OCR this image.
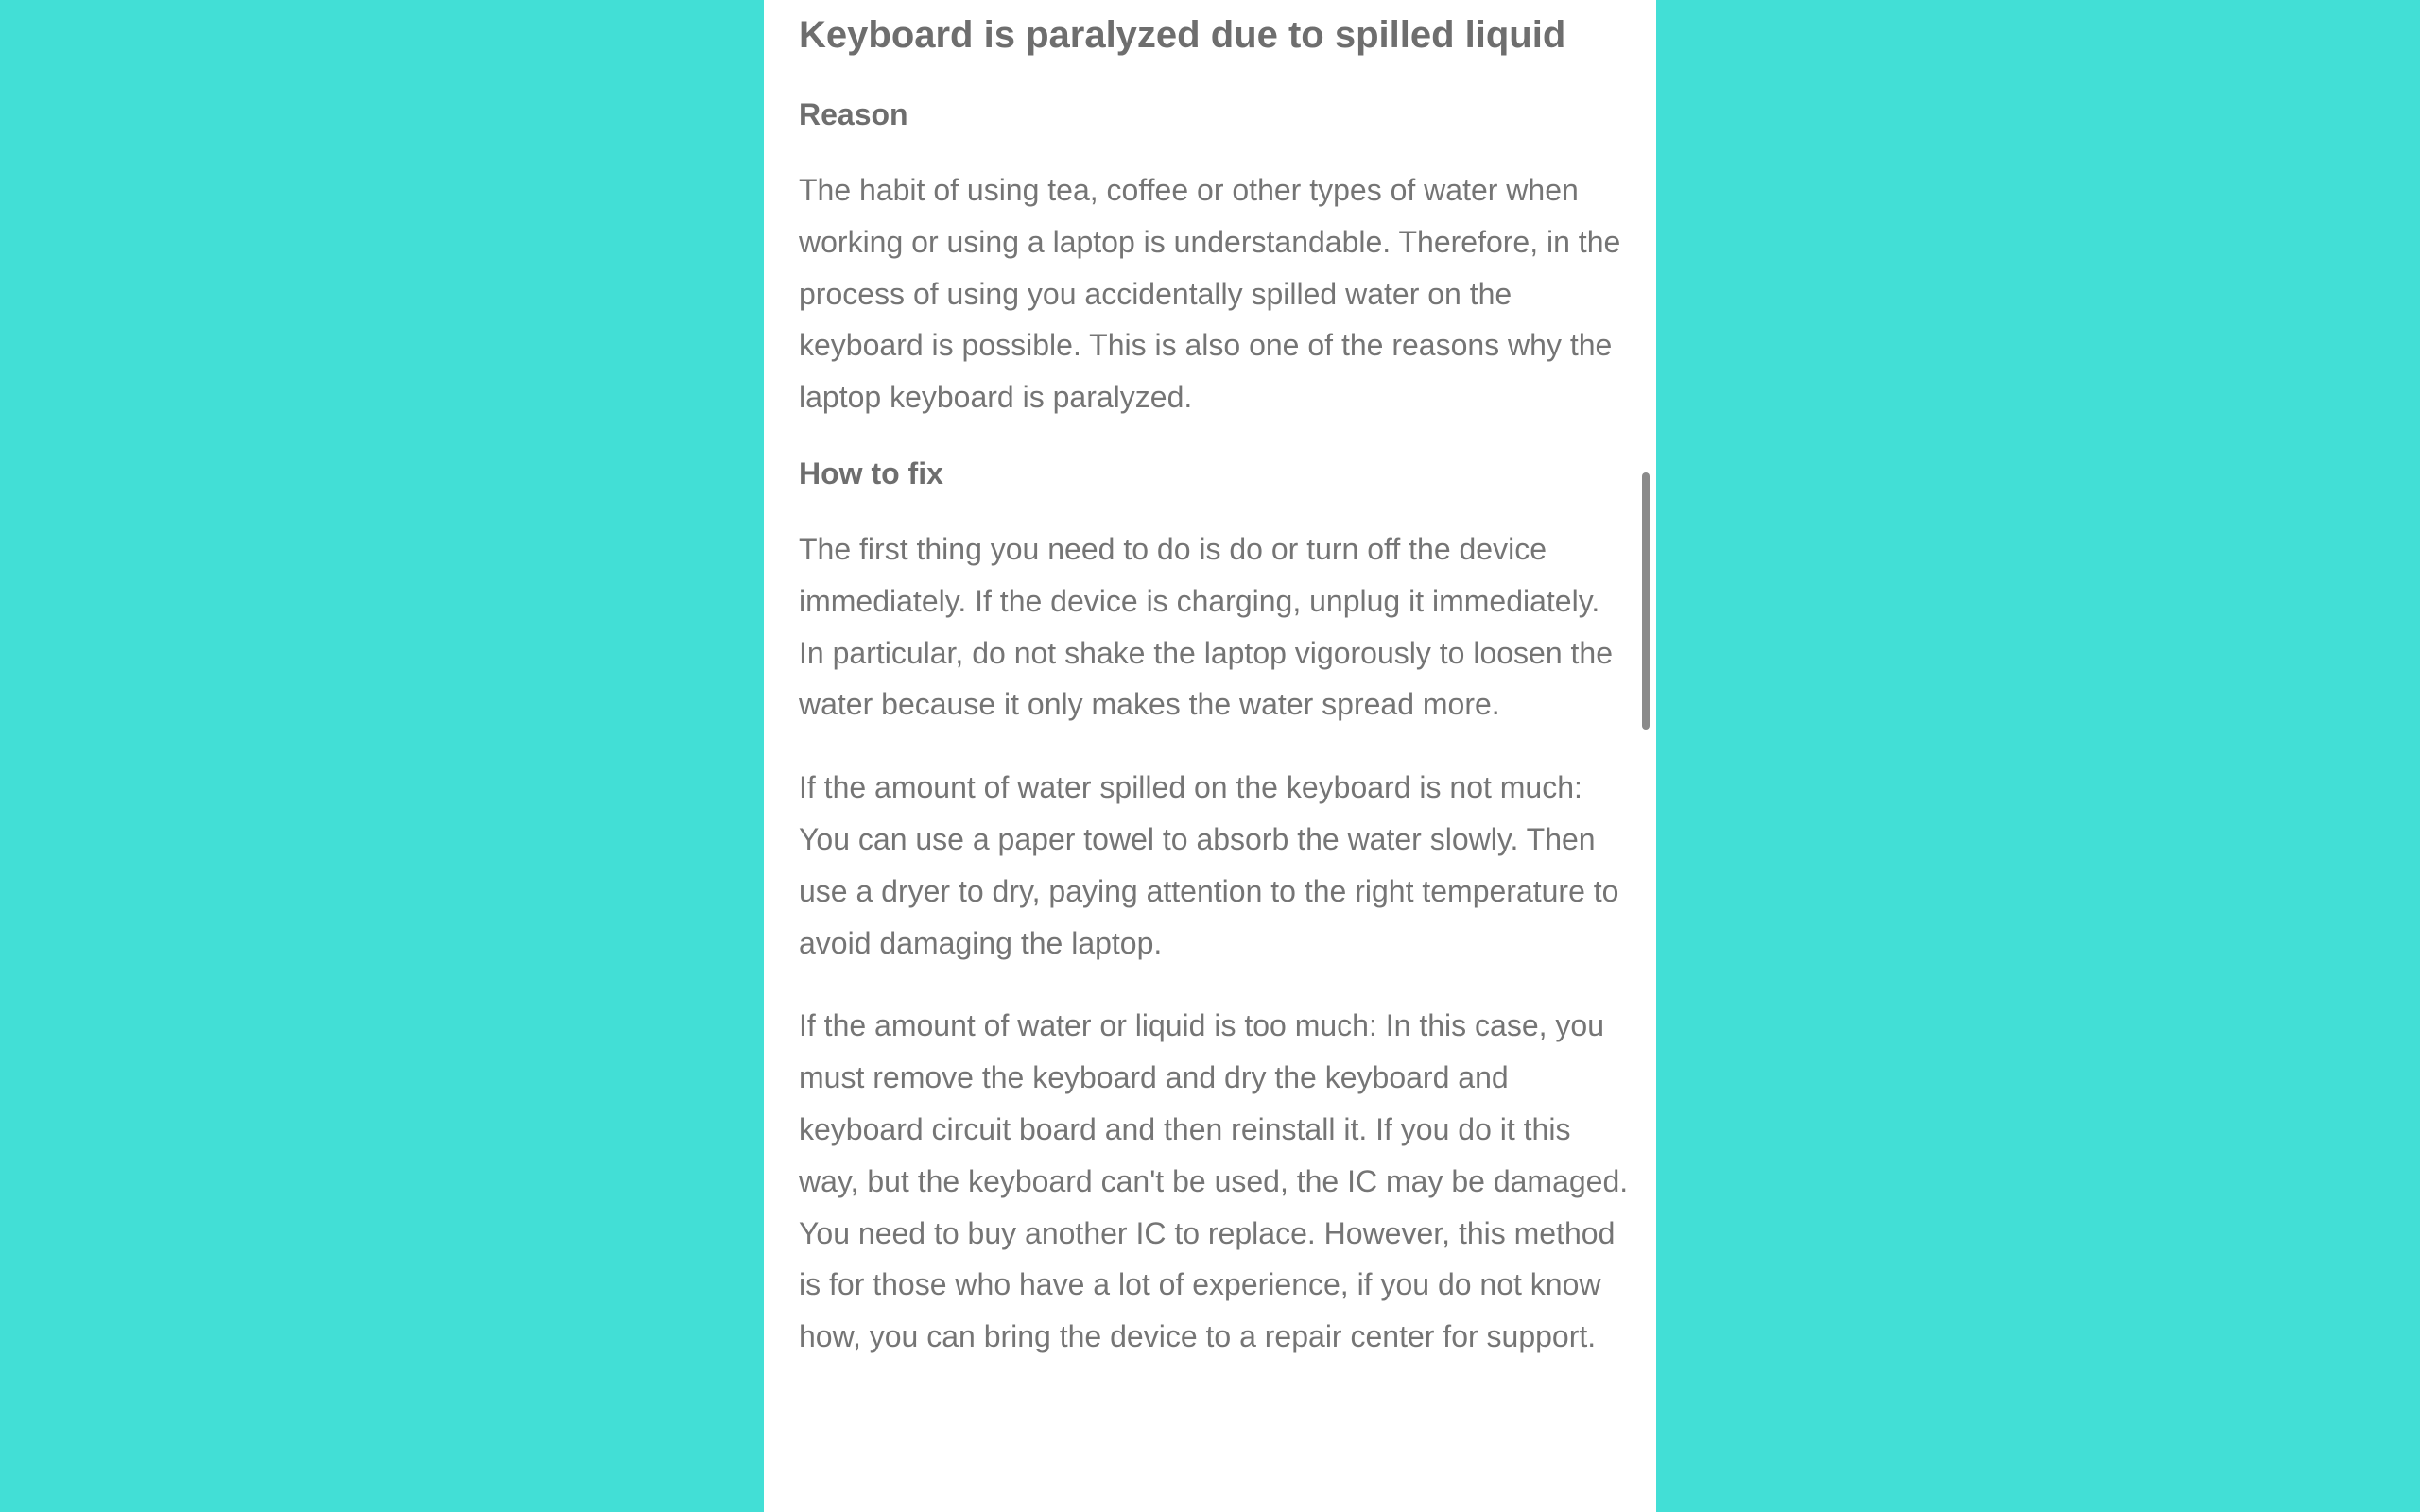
Keyboard is paralyzed due to spilled liquid
Reason

The habit of using tea, coffee or other types of water when working or using a laptop is understandable. Therefore, in the process of using you accidentally spilled water on the keyboard is possible. This is also one of the reasons why the laptop keyboard is paralyzed.

How to fix

The first thing you need to do is do or turn off the device immediately. If the device is charging, unplug it immediately. In particular, do not shake the laptop vigorously to loosen the water because it only makes the water spread more.

If the amount of water spilled on the keyboard is not much: You can use a paper towel to absorb the water slowly. Then use a dryer to dry, paying attention to the right temperature to avoid damaging the laptop.

If the amount of water or liquid is too much: In this case, you must remove the keyboard and dry the keyboard and keyboard circuit board and then reinstall it. If you do it this way, but the keyboard can't be used, the IC may be damaged. You need to buy another IC to replace. However, this method is for those who have a lot of experience, if you do not know how, you can bring the device to a repair center for support.
